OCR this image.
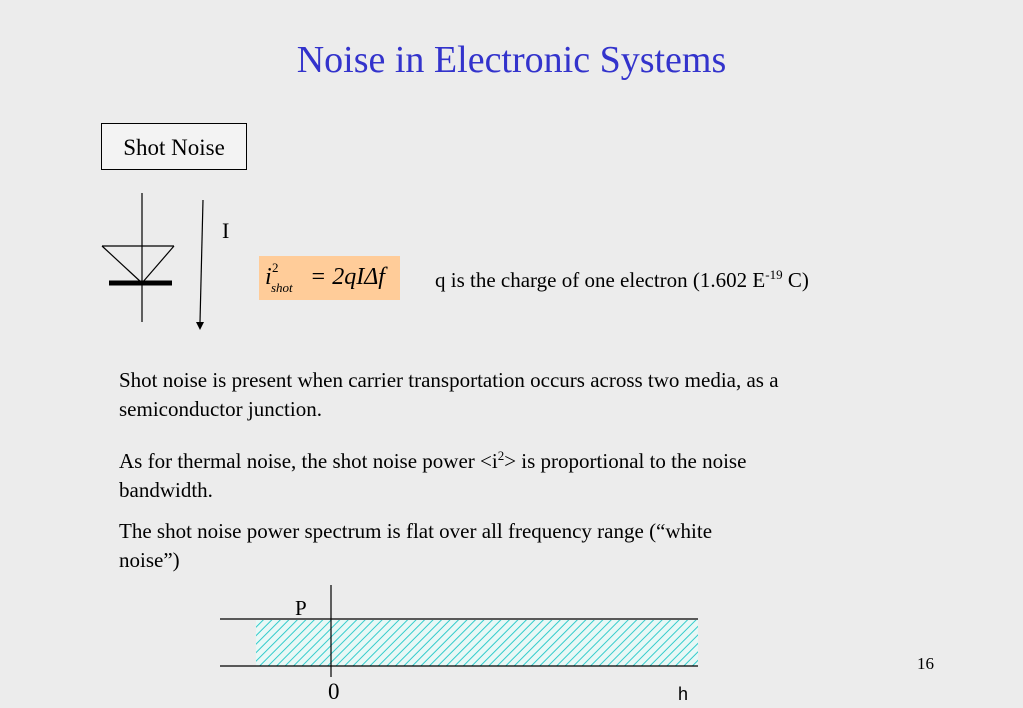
Noise in Electronic Systems
Shot Noise
I
i 2
shot = 2qIΔf q is the charge of one electron (1.602 $E^{-19}$ C)
Shot noise is present when carrier transportation occurs across two media, as a semiconductor junction.
As for thermal noise, the shot noise power $<i^2>$ is proportional to the noise bandwidth.
The shot noise power spectrum is flat over all frequency range (“white noise”)
P
0	h
16
